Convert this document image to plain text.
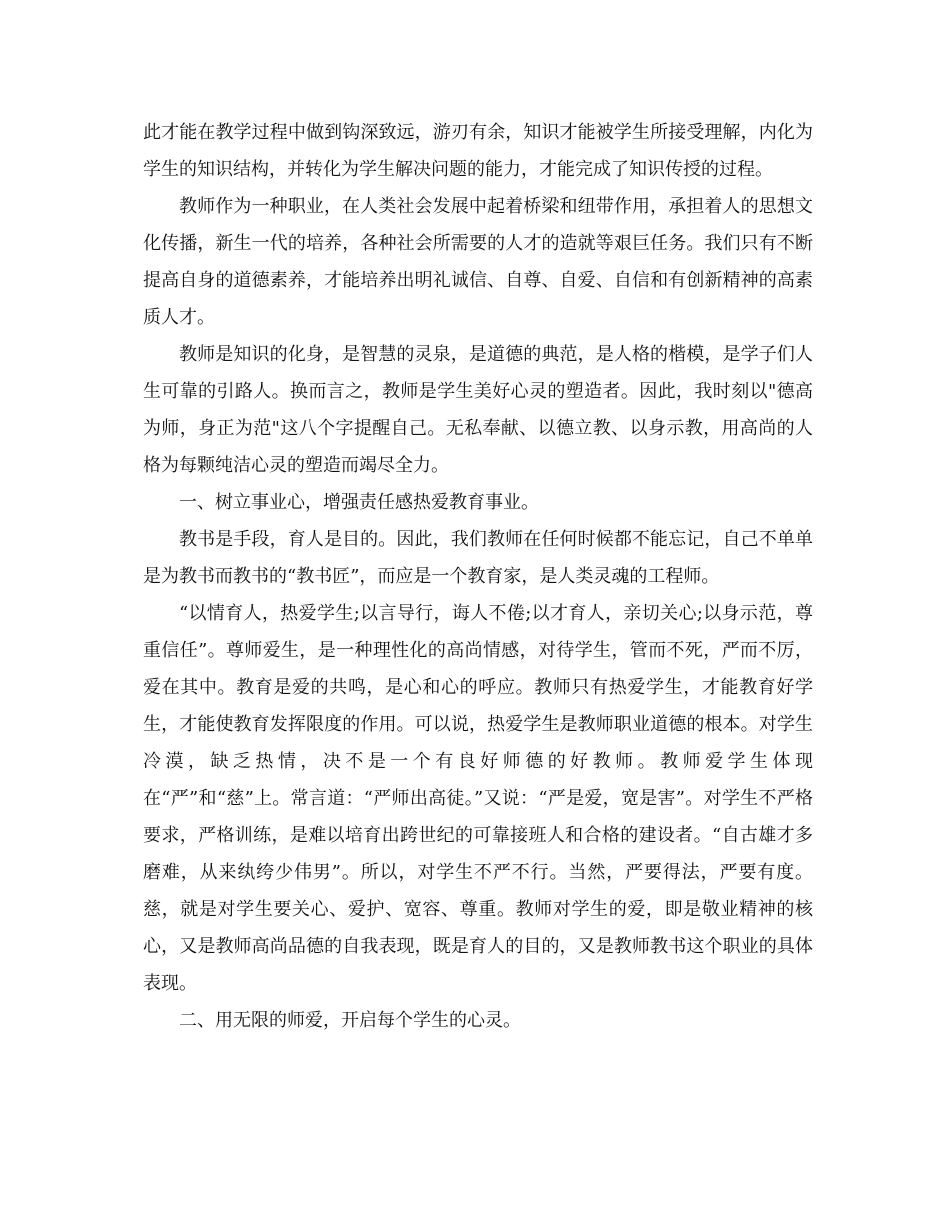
此才能在教学过程中做到钩深致远，游刃有余，知识才能被学生所接受理解，内化为学生的知识结构，并转化为学生解决问题的能力，才能完成了知识传授的过程。

教师作为一种职业，在人类社会发展中起着桥梁和纽带作用，承担着人的思想文化传播，新生一代的培养，各种社会所需要的人才的造就等艰巨任务。我们只有不断提高自身的道德素养，才能培养出明礼诚信、自尊、自爱、自信和有创新精神的高素质人才。

教师是知识的化身，是智慧的灵泉，是道德的典范，是人格的楷模，是学子们人生可靠的引路人。换而言之，教师是学生美好心灵的塑造者。因此，我时刻以"德高为师，身正为范"这八个字提醒自己。无私奉献、以德立教、以身示教，用高尚的人格为每颗纯洁心灵的塑造而竭尽全力。

一、树立事业心，增强责任感热爱教育事业。

教书是手段，育人是目的。因此，我们教师在任何时候都不能忘记，自己不单单是为教书而教书的“教书匠”，而应是一个教育家，是人类灵魂的工程师。

“以情育人，热爱学生;以言导行，诲人不倦;以才育人，亲切关心;以身示范，尊重信任”。尊师爱生，是一种理性化的高尚情感，对待学生，管而不死，严而不厉，爱在其中。教育是爱的共鸣，是心和心的呼应。教师只有热爱学生，才能教育好学生，才能使教育发挥限度的作用。可以说，热爱学生是教师职业道德的根本。对学生冷漠，缺乏热情，决不是一个有良好师德的好教师。教师爱学生体现在“严”和“慈”上。常言道：“严师出高徒。”又说：“严是爱，宽是害”。对学生不严格要求，严格训练，是难以培育出跨世纪的可靠接班人和合格的建设者。“自古雄才多磨难，从来纨绔少伟男”。所以，对学生不严不行。当然，严要得法，严要有度。慈，就是对学生要关心、爱护、宽容、尊重。教师对学生的爱，即是敬业精神的核心，又是教师高尚品德的自我表现，既是育人的目的，又是教师教书这个职业的具体表现。

二、用无限的师爱，开启每个学生的心灵。
